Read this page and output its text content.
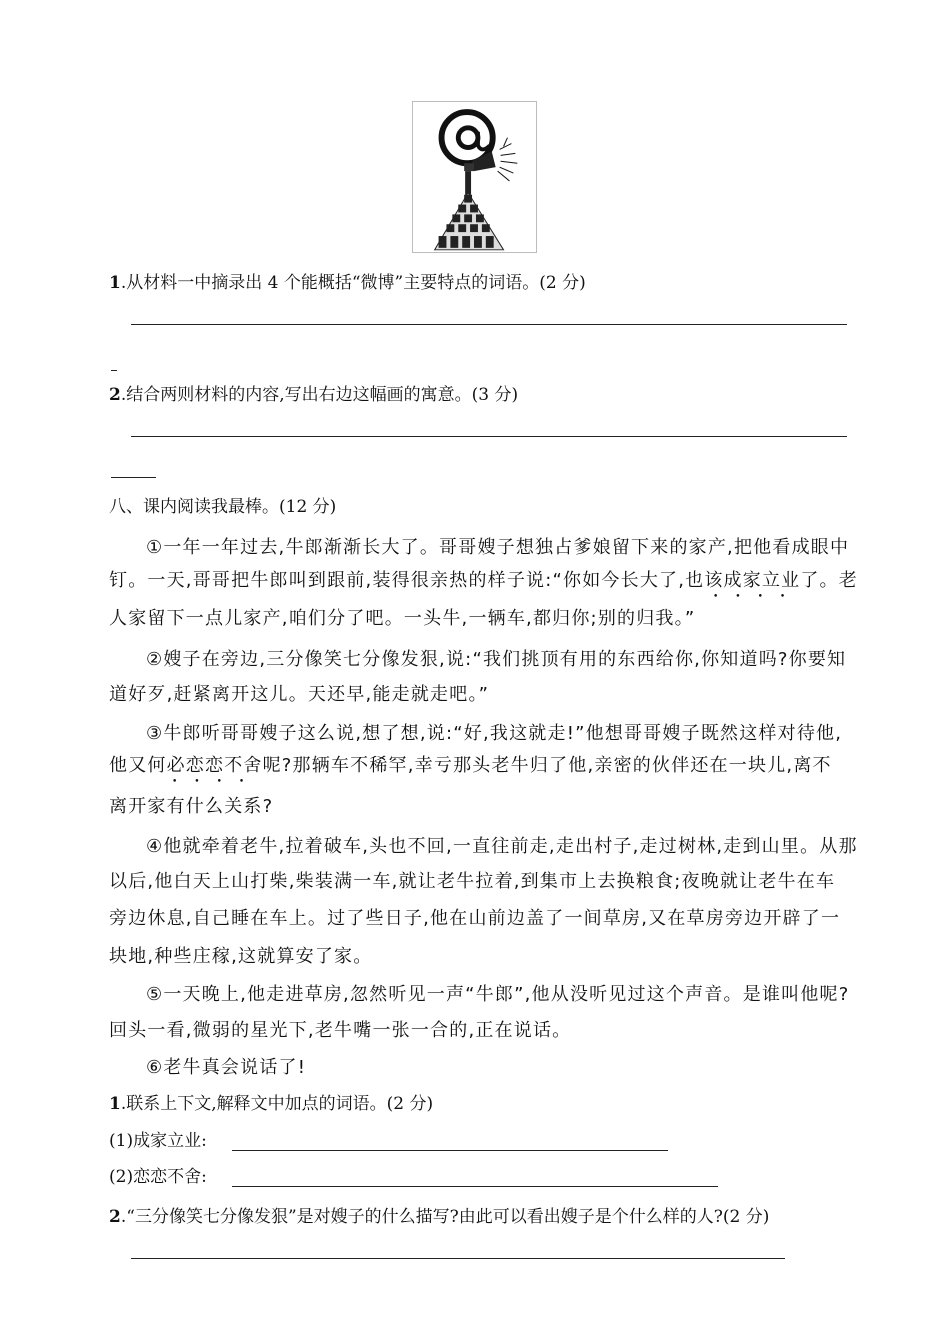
1.从材料一中摘录出 4 个能概括“微博”主要特点的词语。(2 分)
2.结合两则材料的内容,写出右边这幅画的寓意。(3 分)
八、课内阅读我最棒。(12 分)
①一年一年过去,牛郎渐渐长大了。哥哥嫂子想独占爹娘留下来的家产,把他看成眼中
钉。一天,哥哥把牛郎叫到跟前,装得很亲热的样子说:“你如今长大了,也该成家立业了。老
人家留下一点儿家产,咱们分了吧。一头牛,一辆车,都归你;别的归我。”
②嫂子在旁边,三分像笑七分像发狠,说:“我们挑顶有用的东西给你,你知道吗?你要知
道好歹,赶紧离开这儿。天还早,能走就走吧。”
③牛郎听哥哥嫂子这么说,想了想,说:“好,我这就走!”他想哥哥嫂子既然这样对待他,
他又何必恋恋不舍呢?那辆车不稀罕,幸亏那头老牛归了他,亲密的伙伴还在一块儿,离不
离开家有什么关系?
④他就牵着老牛,拉着破车,头也不回,一直往前走,走出村子,走过树林,走到山里。从那
以后,他白天上山打柴,柴装满一车,就让老牛拉着,到集市上去换粮食;夜晚就让老牛在车
旁边休息,自己睡在车上。过了些日子,他在山前边盖了一间草房,又在草房旁边开辟了一
块地,种些庄稼,这就算安了家。
⑤一天晚上,他走进草房,忽然听见一声“牛郎”,他从没听见过这个声音。是谁叫他呢?
回头一看,微弱的星光下,老牛嘴一张一合的,正在说话。
⑥老牛真会说话了!
••••
••••
1.联系上下文,解释文中加点的词语。(2 分)
(1)成家立业:
(2)恋恋不舍:
2.“三分像笑七分像发狠”是对嫂子的什么描写?由此可以看出嫂子是个什么样的人?(2 分)
